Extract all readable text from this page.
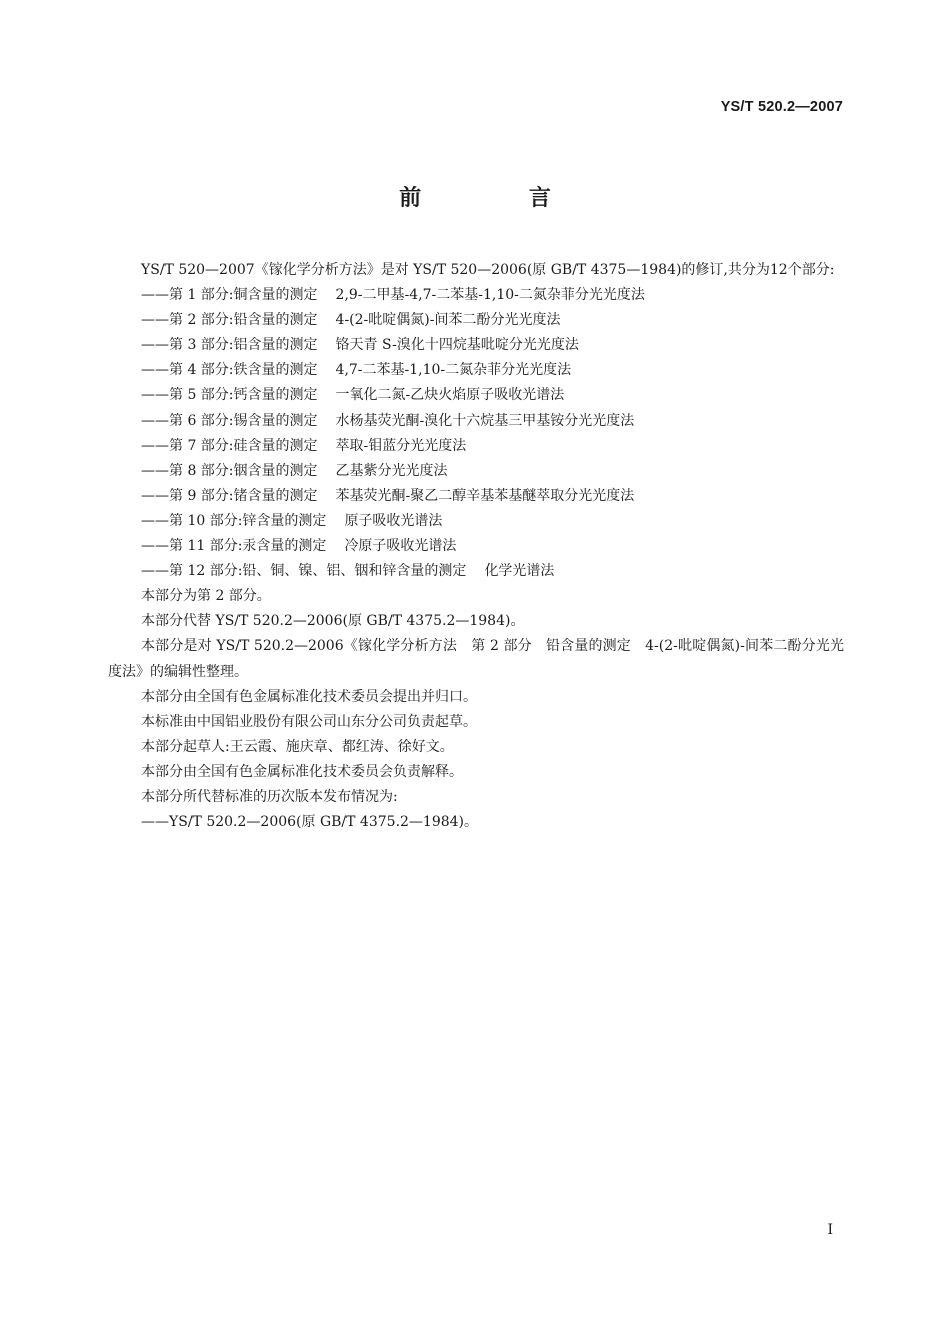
YS/T 520.2—2007
前 言

YS/T 520—2007《镓化学分析方法》是对 YS/T 520—2006(原 GB/T 4375—1984)的修订,共分为12个部分:

——第 1 部分:铜含量的测定 2,9-二甲基-4,7-二苯基-1,10-二氮杂菲分光光度法
——第 2 部分:铅含量的测定 4-(2-吡啶偶氮)-间苯二酚分光光度法
——第 3 部分:铝含量的测定 铬天青 S-溴化十四烷基吡啶分光光度法
——第 4 部分:铁含量的测定 4,7-二苯基-1,10-二氮杂菲分光光度法
——第 5 部分:钙含量的测定 一氧化二氮-乙炔火焰原子吸收光谱法
——第 6 部分:锡含量的测定 水杨基荧光酮-溴化十六烷基三甲基铵分光光度法
——第 7 部分:硅含量的测定 萃取-钼蓝分光光度法
——第 8 部分:铟含量的测定 乙基紫分光光度法
——第 9 部分:锗含量的测定 苯基荧光酮-聚乙二醇辛基苯基醚萃取分光光度法
——第 10 部分:锌含量的测定 原子吸收光谱法
——第 11 部分:汞含量的测定 冷原子吸收光谱法
——第 12 部分:铅、铜、镍、铝、铟和锌含量的测定 化学光谱法

本部分为第 2 部分。

本部分代替 YS/T 520.2—2006(原 GB/T 4375.2—1984)。

本部分是对 YS/T 520.2—2006《镓化学分析方法　第 2 部分　铅含量的测定　4-(2-吡啶偶氮)-间苯二酚分光光度法》的编辑性整理。

本部分由全国有色金属标准化技术委员会提出并归口。

本标准由中国铝业股份有限公司山东分公司负责起草。

本部分起草人:王云霞、施庆章、都红涛、徐好文。

本部分由全国有色金属标准化技术委员会负责解释。

本部分所代替标准的历次版本发布情况为:

——YS/T 520.2—2006(原 GB/T 4375.2—1984)。

I
